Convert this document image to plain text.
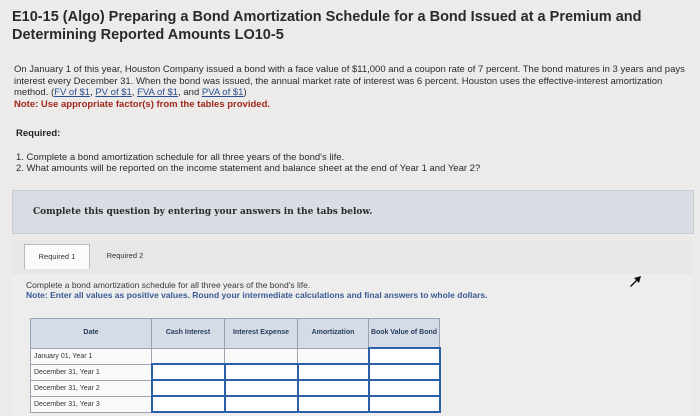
E10-15 (Algo) Preparing a Bond Amortization Schedule for a Bond Issued at a Premium and Determining Reported Amounts LO10-5
On January 1 of this year, Houston Company issued a bond with a face value of $11,000 and a coupon rate of 7 percent. The bond matures in 3 years and pays interest every December 31. When the bond was issued, the annual market rate of interest was 6 percent. Houston uses the effective-interest amortization method. (FV of $1, PV of $1, FVA of $1, and PVA of $1)
Note: Use appropriate factor(s) from the tables provided.
Required:
1. Complete a bond amortization schedule for all three years of the bond's life.
2. What amounts will be reported on the income statement and balance sheet at the end of Year 1 and Year 2?
Complete this question by entering your answers in the tabs below.
Required 1	Required 2
Complete a bond amortization schedule for all three years of the bond's life.
Note: Enter all values as positive values. Round your intermediate calculations and final answers to whole dollars.
Date	Cash Interest	Interest Expense	Amortization	Book Value of Bond
January 01, Year 1				
December 31, Year 1				
December 31, Year 2				
December 31, Year 3				
